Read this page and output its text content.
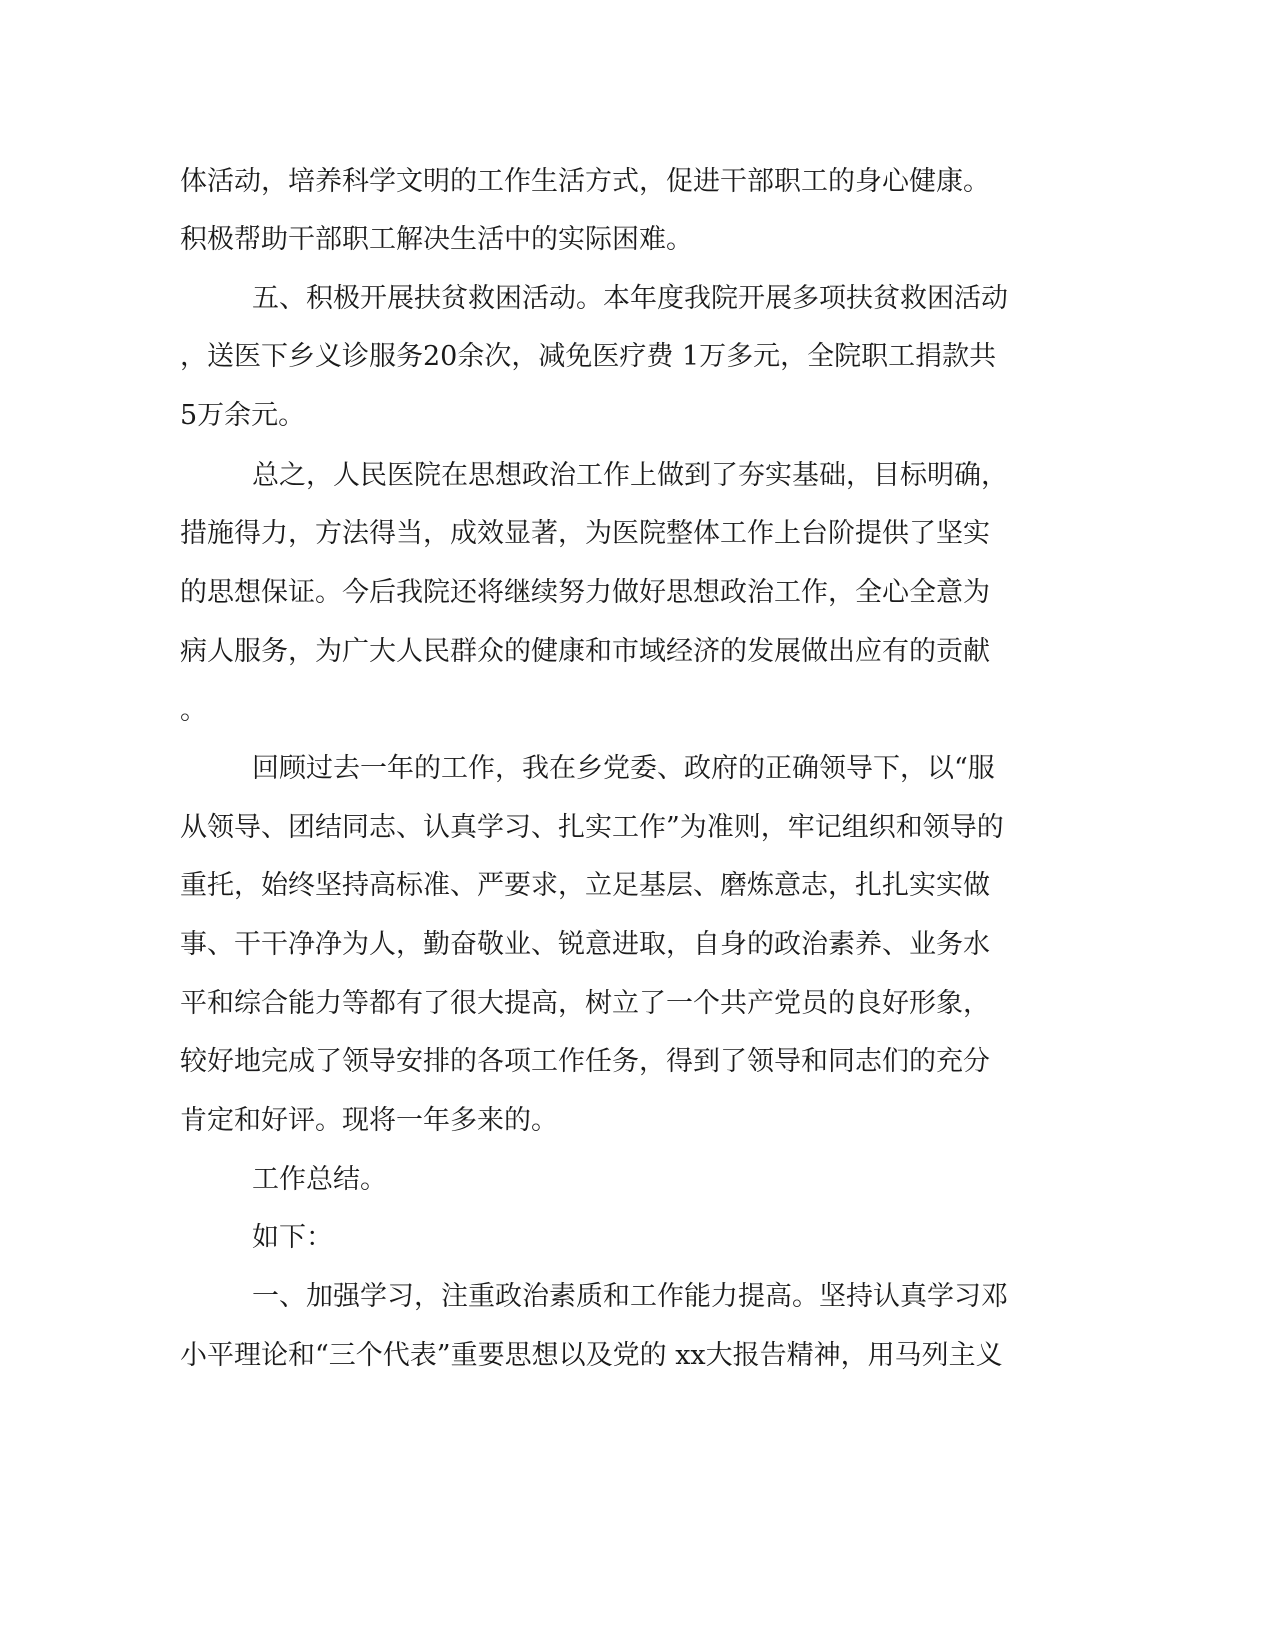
体活动，培养科学文明的工作生活方式，促进干部职工的身心健康。
积极帮助干部职工解决生活中的实际困难。
五、积极开展扶贫救困活动。本年度我院开展多项扶贫救困活动
，送医下乡义诊服务20余次，减免医疗费 1万多元，全院职工捐款共
5万余元。
总之，人民医院在思想政治工作上做到了夯实基础，目标明确，
措施得力，方法得当，成效显著，为医院整体工作上台阶提供了坚实
的思想保证。今后我院还将继续努力做好思想政治工作，全心全意为
病人服务，为广大人民群众的健康和市域经济的发展做出应有的贡献
。
回顾过去一年的工作，我在乡党委、政府的正确领导下，以“服
从领导、团结同志、认真学习、扎实工作”为准则，牢记组织和领导的
重托，始终坚持高标准、严要求，立足基层、磨炼意志，扎扎实实做
事、干干净净为人，勤奋敬业、锐意进取，自身的政治素养、业务水
平和综合能力等都有了很大提高，树立了一个共产党员的良好形象，
较好地完成了领导安排的各项工作任务，得到了领导和同志们的充分
肯定和好评。现将一年多来的。
工作总结。
如下：
一、加强学习，注重政治素质和工作能力提高。坚持认真学习邓
小平理论和“三个代表”重要思想以及党的 xx大报告精神，用马列主义
